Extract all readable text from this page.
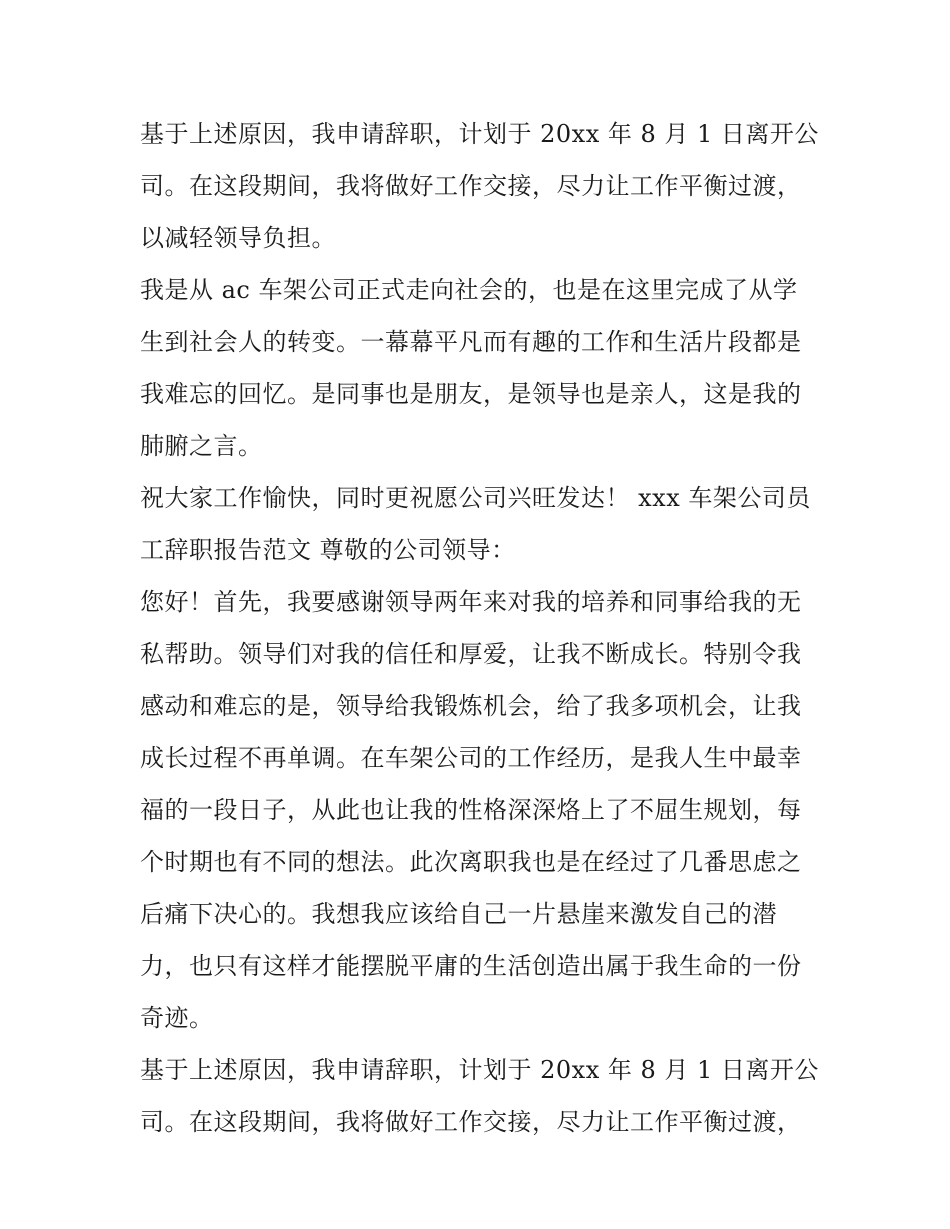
基于上述原因，我申请辞职，计划于 20xx 年 8 月 1 日离开公
司。在这段期间，我将做好工作交接，尽力让工作平衡过渡，
以减轻领导负担。
我是从 ac 车架公司正式走向社会的，也是在这里完成了从学
生到社会人的转变。一幕幕平凡而有趣的工作和生活片段都是
我难忘的回忆。是同事也是朋友，是领导也是亲人，这是我的
肺腑之言。
祝大家工作愉快，同时更祝愿公司兴旺发达！ xxx 车架公司员
工辞职报告范文 尊敬的公司领导：
您好！首先，我要感谢领导两年来对我的培养和同事给我的无
私帮助。领导们对我的信任和厚爱，让我不断成长。特别令我
感动和难忘的是，领导给我锻炼机会，给了我多项机会，让我
成长过程不再单调。在车架公司的工作经历，是我人生中最幸
福的一段日子，从此也让我的性格深深烙上了不屈生规划，每
个时期也有不同的想法。此次离职我也是在经过了几番思虑之
后痛下决心的。我想我应该给自己一片悬崖来激发自己的潜
力，也只有这样才能摆脱平庸的生活创造出属于我生命的一份
奇迹。
基于上述原因，我申请辞职，计划于 20xx 年 8 月 1 日离开公
司。在这段期间，我将做好工作交接，尽力让工作平衡过渡，
